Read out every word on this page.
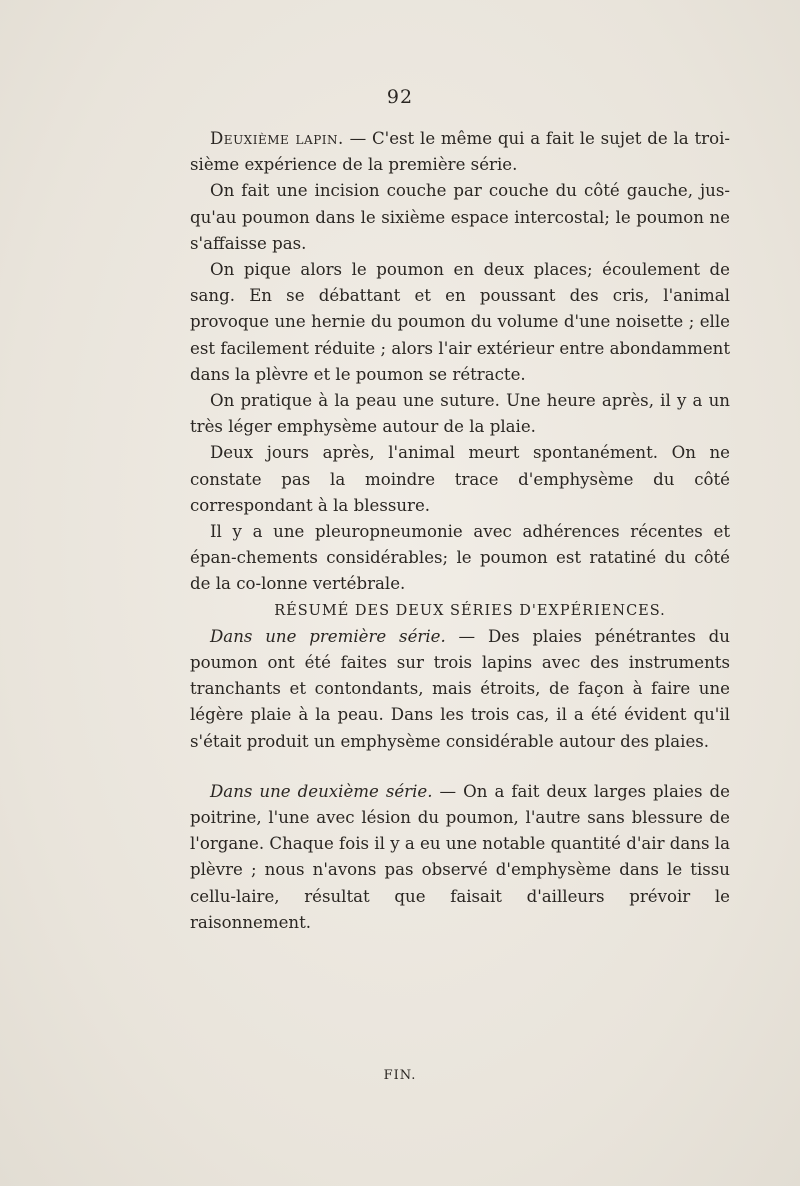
92

Deuxième lapin. — C'est le même qui a fait le sujet de la troi-sième expérience de la première série.

On fait une incision couche par couche du côté gauche, jus-qu'au poumon dans le sixième espace intercostal; le poumon ne s'affaisse pas.

On pique alors le poumon en deux places; écoulement de sang. En se débattant et en poussant des cris, l'animal provoque une hernie du poumon du volume d'une noisette ; elle est facilement réduite ; alors l'air extérieur entre abondamment dans la plèvre et le poumon se rétracte.

On pratique à la peau une suture. Une heure après, il y a un très léger emphysème autour de la plaie.

Deux jours après, l'animal meurt spontanément. On ne constate pas la moindre trace d'emphysème du côté correspondant à la blessure.

Il y a une pleuropneumonie avec adhérences récentes et épan-chements considérables; le poumon est ratatiné du côté de la co-lonne vertébrale.

RÉSUMÉ DES DEUX SÉRIES D'EXPÉRIENCES.

Dans une première série. — Des plaies pénétrantes du poumon ont été faites sur trois lapins avec des instruments tranchants et contondants, mais étroits, de façon à faire une légère plaie à la peau. Dans les trois cas, il a été évident qu'il s'était produit un emphysème considérable autour des plaies.

Dans une deuxième série. — On a fait deux larges plaies de poitrine, l'une avec lésion du poumon, l'autre sans blessure de l'organe. Chaque fois il y a eu une notable quantité d'air dans la plèvre ; nous n'avons pas observé d'emphysème dans le tissu cellu-laire, résultat que faisait d'ailleurs prévoir le raisonnement.

FIN.
